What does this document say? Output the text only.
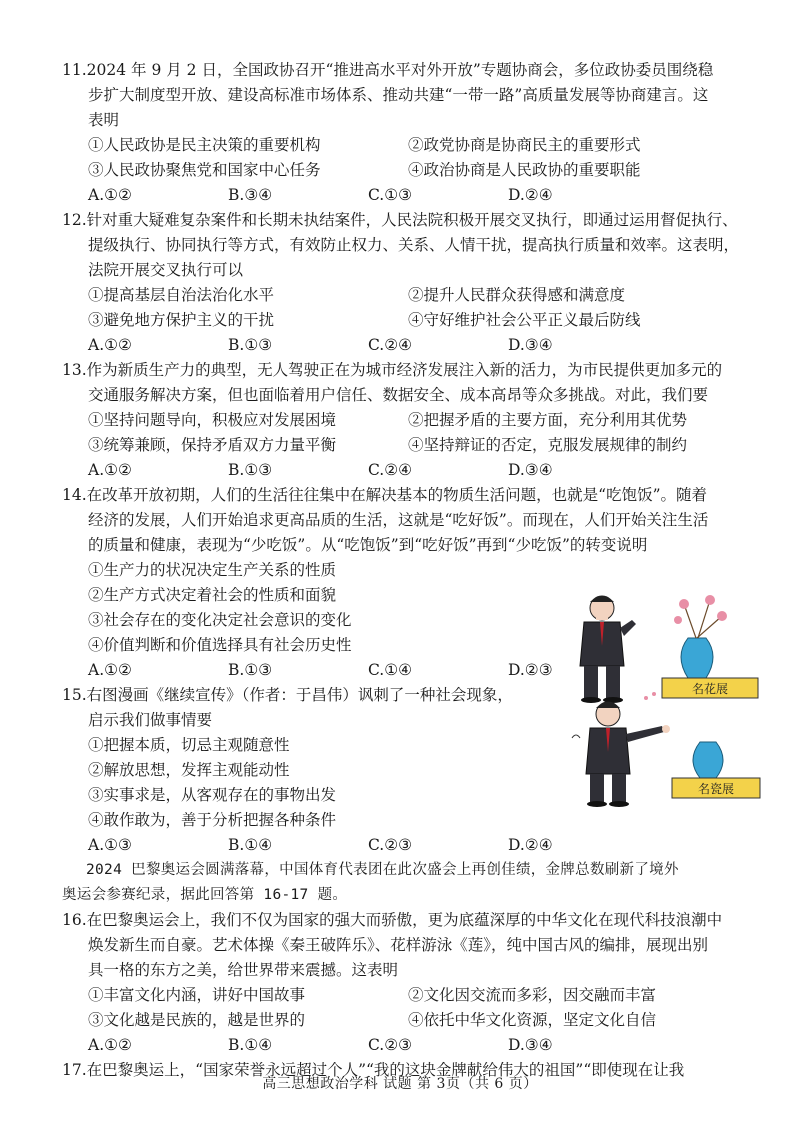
11.2024 年 9 月 2 日，全国政协召开“推进高水平对外开放”专题协商会，多位政协委员围绕稳
步扩大制度型开放、建设高标准市场体系、推动共建“一带一路”高质量发展等协商建言。这
表明
①人民政协是民主决策的重要机构	②政党协商是协商民主的重要形式
③人民政协聚焦党和国家中心任务	④政治协商是人民政协的重要职能
A.①②	B.③④	C.①③	D.②④
12.针对重大疑难复杂案件和长期未执结案件，人民法院积极开展交叉执行，即通过运用督促执行、
提级执行、协同执行等方式，有效防止权力、关系、人情干扰，提高执行质量和效率。这表明，
法院开展交叉执行可以
①提高基层自治法治化水平	②提升人民群众获得感和满意度
③避免地方保护主义的干扰	④守好维护社会公平正义最后防线
A.①②	B.①③	C.②④	D.③④
13.作为新质生产力的典型，无人驾驶正在为城市经济发展注入新的活力，为市民提供更加多元的
交通服务解决方案，但也面临着用户信任、数据安全、成本高昂等众多挑战。对此，我们要
①坚持问题导向，积极应对发展困境	②把握矛盾的主要方面，充分利用其优势
③统筹兼顾，保持矛盾双方力量平衡	④坚持辩证的否定，克服发展规律的制约
A.①②	B.①③	C.②④	D.③④
14.在改革开放初期，人们的生活往往集中在解决基本的物质生活问题，也就是“吃饱饭”。随着
经济的发展，人们开始追求更高品质的生活，这就是“吃好饭”。而现在，人们开始关注生活
的质量和健康，表现为“少吃饭”。从“吃饱饭”到“吃好饭”再到“少吃饭”的转变说明
①生产力的状况决定生产关系的性质
②生产方式决定着社会的性质和面貌
③社会存在的变化决定社会意识的变化
④价值判断和价值选择具有社会历史性
A.①②	B.①③	C.①④	D.②③
15.右图漫画《继续宣传》（作者：于昌伟）讽刺了一种社会现象，
启示我们做事情要
①把握本质，切忌主观随意性
②解放思想，发挥主观能动性
③实事求是，从客观存在的事物出发
④敢作敢为，善于分析把握各种条件
A.①③	B.①④	C.②③	D.②④
2024 巴黎奥运会圆满落幕，中国体育代表团在此次盛会上再创佳绩，金牌总数刷新了境外
奥运会参赛纪录，据此回答第 16-17 题。
16.在巴黎奥运会上，我们不仅为国家的强大而骄傲，更为底蕴深厚的中华文化在现代科技浪潮中
焕发新生而自豪。艺术体操《秦王破阵乐》、花样游泳《莲》，纯中国古风的编排，展现出别
具一格的东方之美，给世界带来震撼。这表明
①丰富文化内涵，讲好中国故事	②文化因交流而多彩，因交融而丰富
③文化越是民族的，越是世界的	④依托中华文化资源，坚定文化自信
A.①②	B.①④	C.②③	D.③④
17.在巴黎奥运上，“国家荣誉永远超过个人”“我的这块金牌献给伟大的祖国”“即使现在让我
名花展
名瓷展
高三思想政治学科 试题 第 3页（共 6 页）
